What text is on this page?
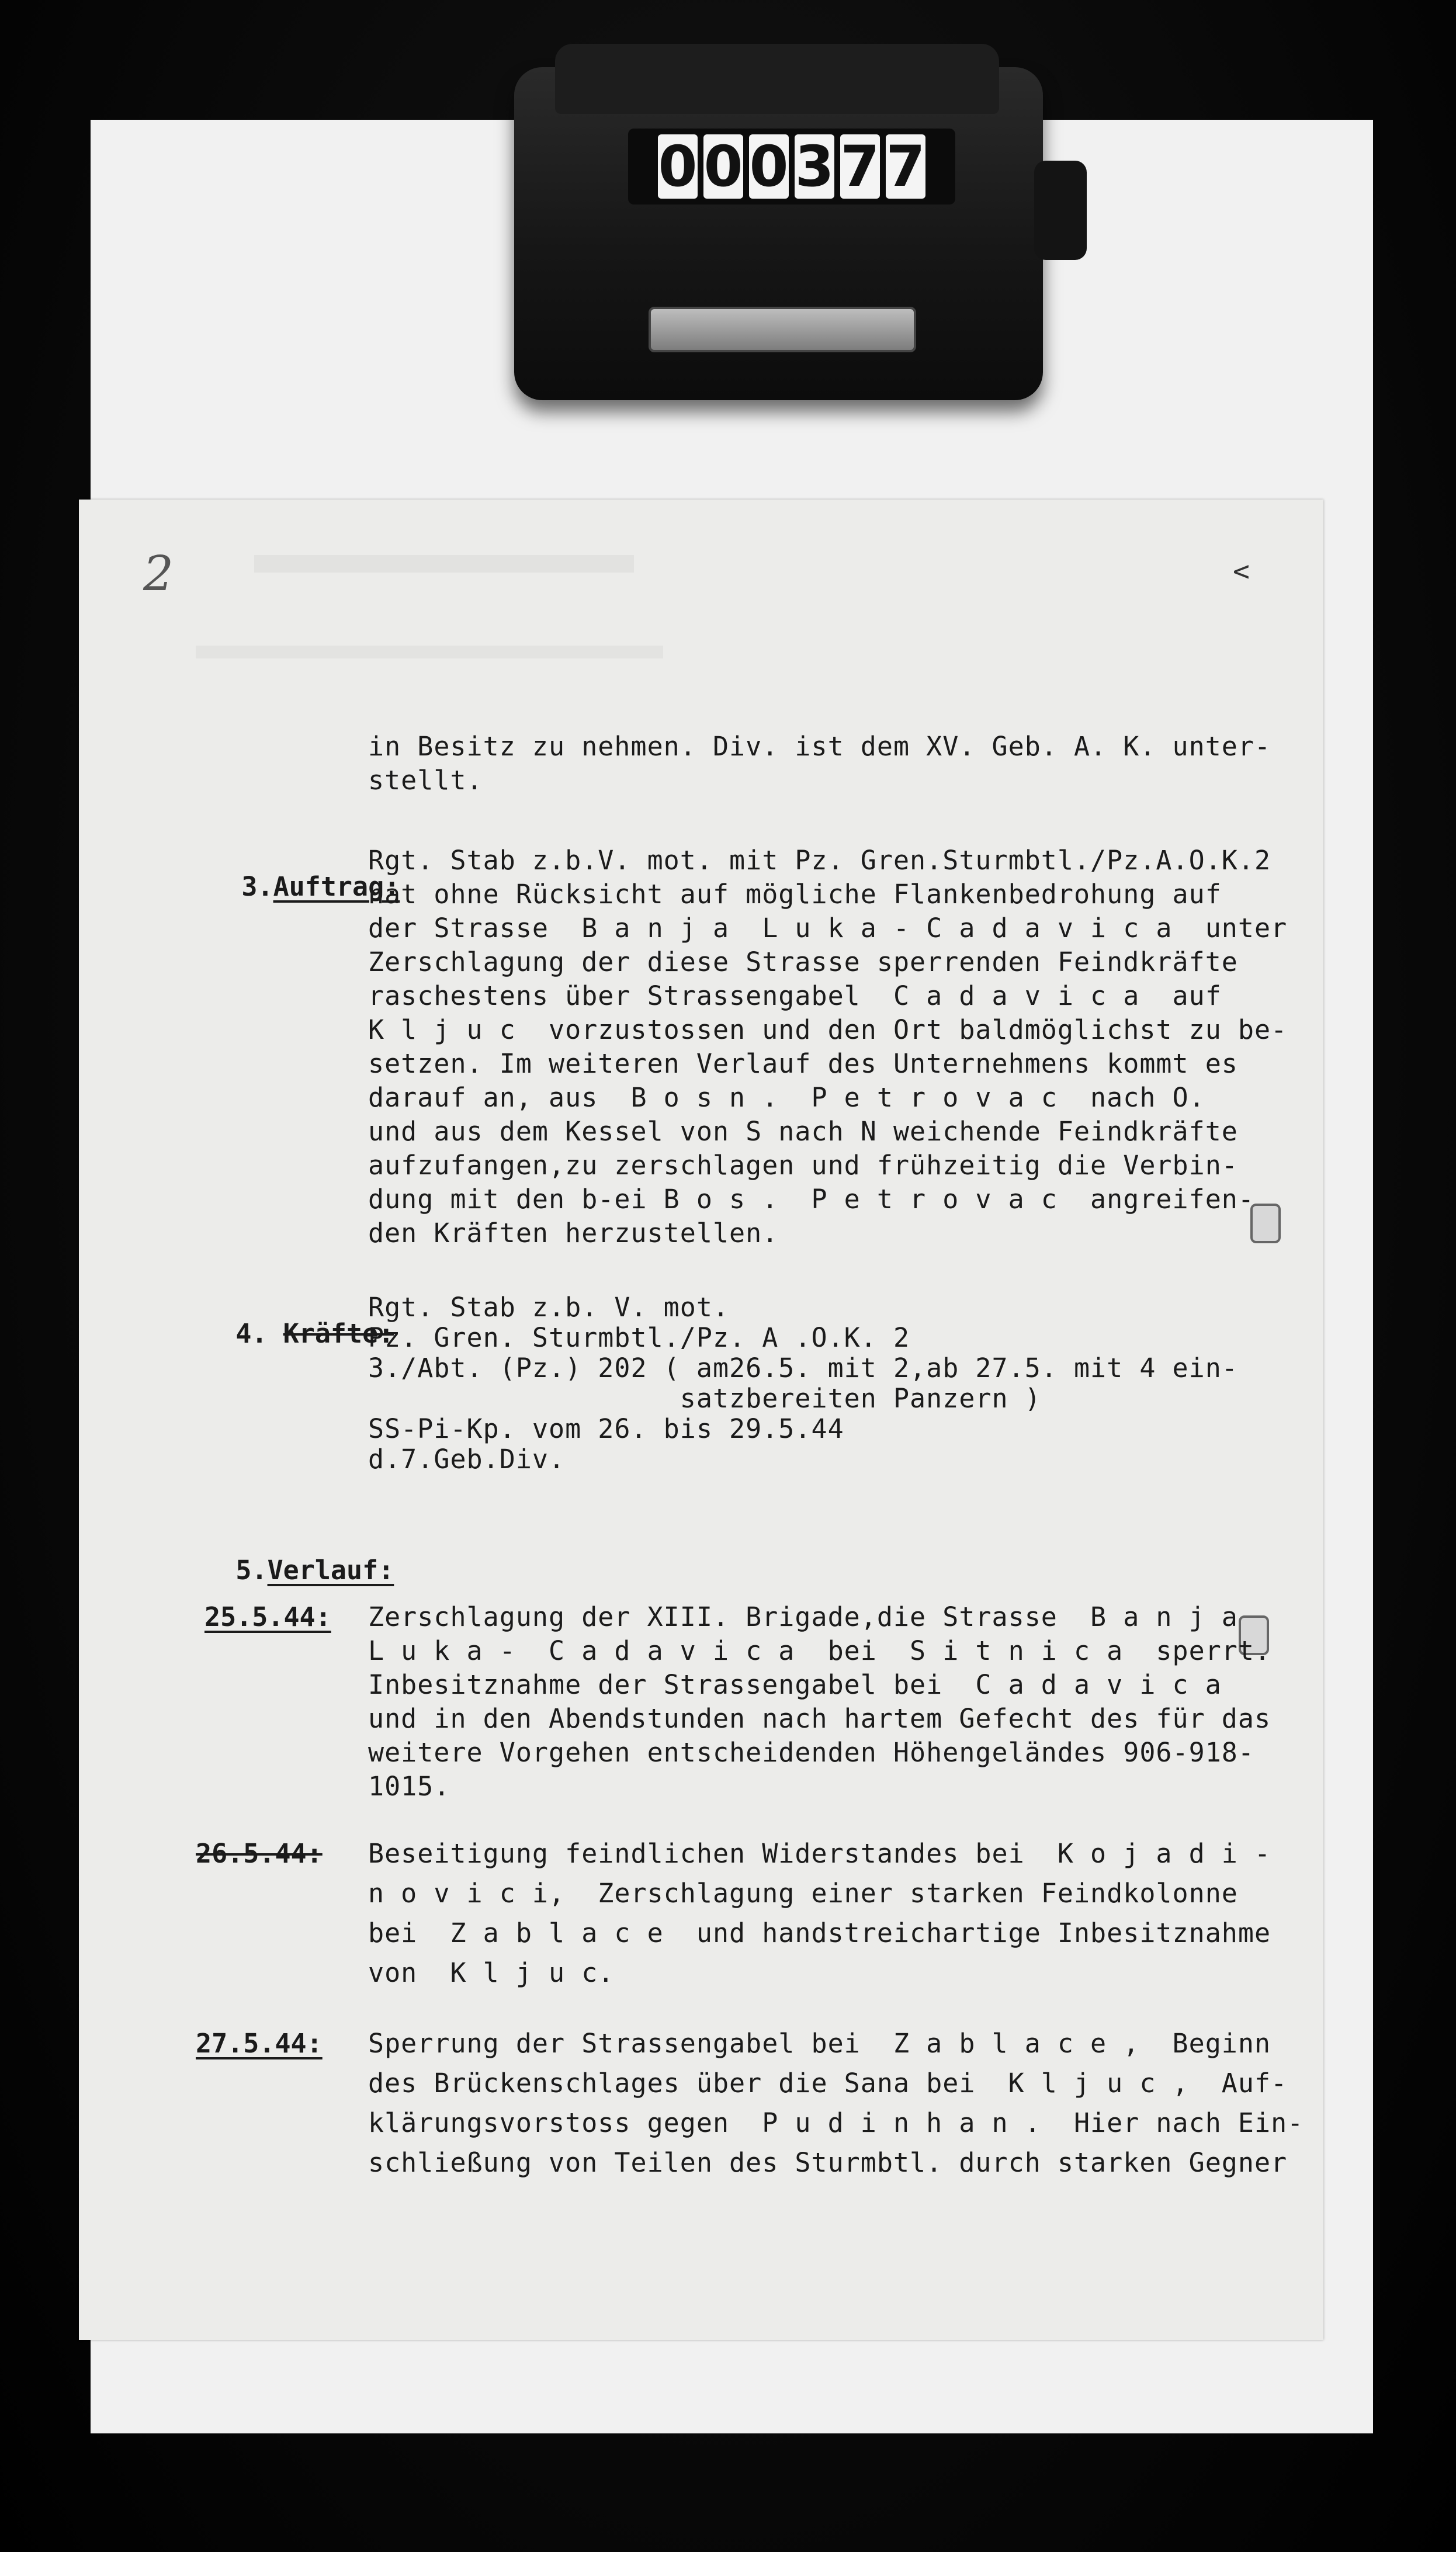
0 0 0 3 7 7
2	<
in Besitz zu nehmen. Div. ist dem XV. Geb. A. K. unter-
stellt.

3.Auftrag:

Rgt. Stab z.b.V. mot. mit Pz. Gren.Sturmbtl./Pz.A.O.K.2
hat ohne Rücksicht auf mögliche Flankenbedrohung auf
der Strasse  B a n j a  L u k a - C a d a v i c a  unter
Zerschlagung der diese Strasse sperrenden Feindkräfte
raschestens über Strassengabel  C a d a v i c a  auf
K l j u c  vorzustossen und den Ort baldmöglichst zu be-
setzen. Im weiteren Verlauf des Unternehmens kommt es
darauf an, aus  B o s n .  P e t r o v a c  nach O.
und aus dem Kessel von S nach N weichende Feindkräfte
aufzufangen,zu zerschlagen und frühzeitig die Verbin-
dung mit den b-ei B o s .  P e t r o v a c  angreifen-
den Kräften herzustellen.

4. Kräfte:

Rgt. Stab z.b. V. mot.
Pz. Gren. Sturmbtl./Pz. A .O.K. 2
3./Abt. (Pz.) 202 ( am26.5. mit 2,ab 27.5. mit 4 ein-
satzbereiten Panzern )
SS-Pi-Kp. vom 26. bis 29.5.44
d.7.Geb.Div.

5.Verlauf:

25.5.44: Zerschlagung der XIII. Brigade,die Strasse  B a n j a
L u k a -  C a d a v i c a  bei  S i t n i c a  sperrt.
Inbesitznahme der Strassengabel bei  C a d a v i c a
und in den Abendstunden nach hartem Gefecht des für das
weitere Vorgehen entscheidenden Höhengeländes 906-918-
1015.
26.5.44: Beseitigung feindlichen Widerstandes bei  K o j a d i -
n o v i c i,  Zerschlagung einer starken Feindkolonne
bei  Z a b l a c e  und handstreichartige Inbesitznahme
von  K l j u c.
27.5.44: Sperrung der Strassengabel bei  Z a b l a c e ,  Beginn
des Brückenschlages über die Sana bei  K l j u c ,  Auf-
klärungsvorstoss gegen  P u d i n h a n .  Hier nach Ein-
schließung von Teilen des Sturmbtl. durch starken Gegner
